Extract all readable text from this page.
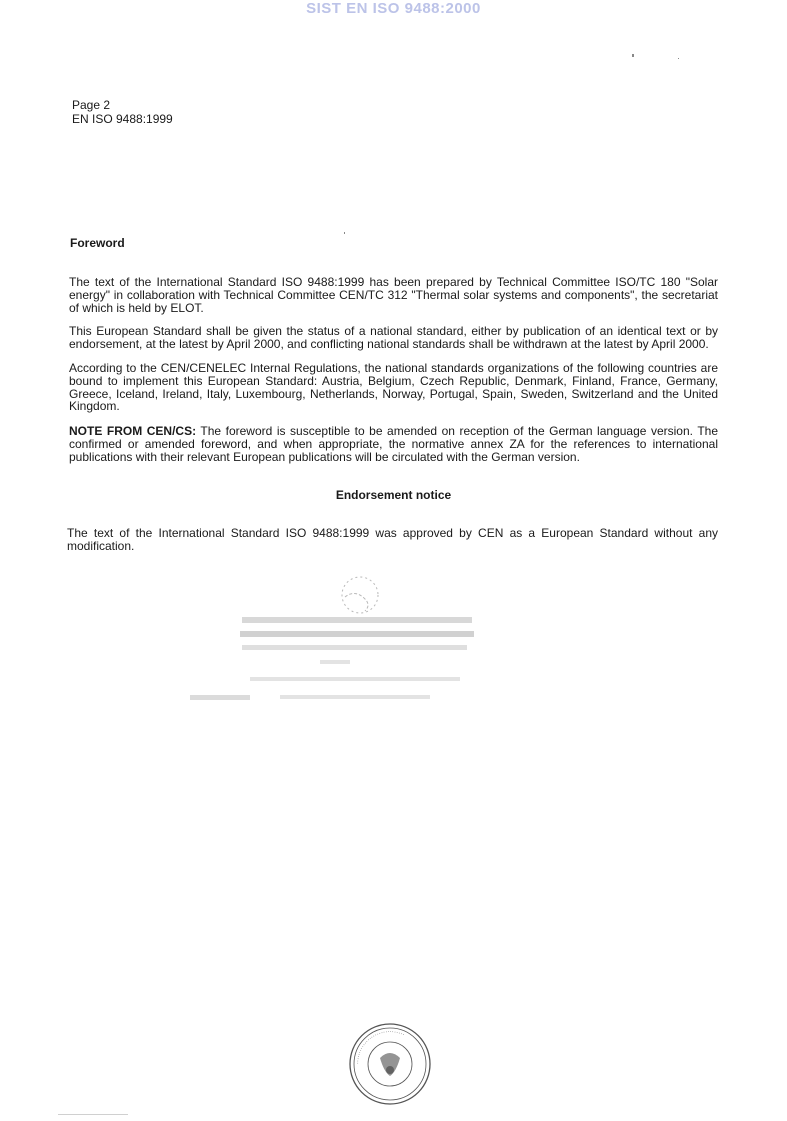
SIST EN ISO 9488:2000
Page 2
EN ISO 9488:1999
Foreword

The text of the International Standard ISO 9488:1999 has been prepared by Technical Committee ISO/TC 180 "Solar energy" in collaboration with Technical Committee CEN/TC 312 "Thermal solar systems and components", the secretariat of which is held by ELOT.

This European Standard shall be given the status of a national standard, either by publication of an identical text or by endorsement, at the latest by April 2000, and conflicting national standards shall be withdrawn at the latest by April 2000.

According to the CEN/CENELEC Internal Regulations, the national standards organizations of the following countries are bound to implement this European Standard: Austria, Belgium, Czech Republic, Denmark, Finland, France, Germany, Greece, Iceland, Ireland, Italy, Luxembourg, Netherlands, Norway, Portugal, Spain, Sweden, Switzerland and the United Kingdom.

NOTE FROM CEN/CS: The foreword is susceptible to be amended on reception of the German language version. The confirmed or amended foreword, and when appropriate, the normative annex ZA for the references to international publications with their relevant European publications will be circulated with the German version.

Endorsement notice

The text of the International Standard ISO 9488:1999 was approved by CEN as a European Standard without any modification.

..............................
